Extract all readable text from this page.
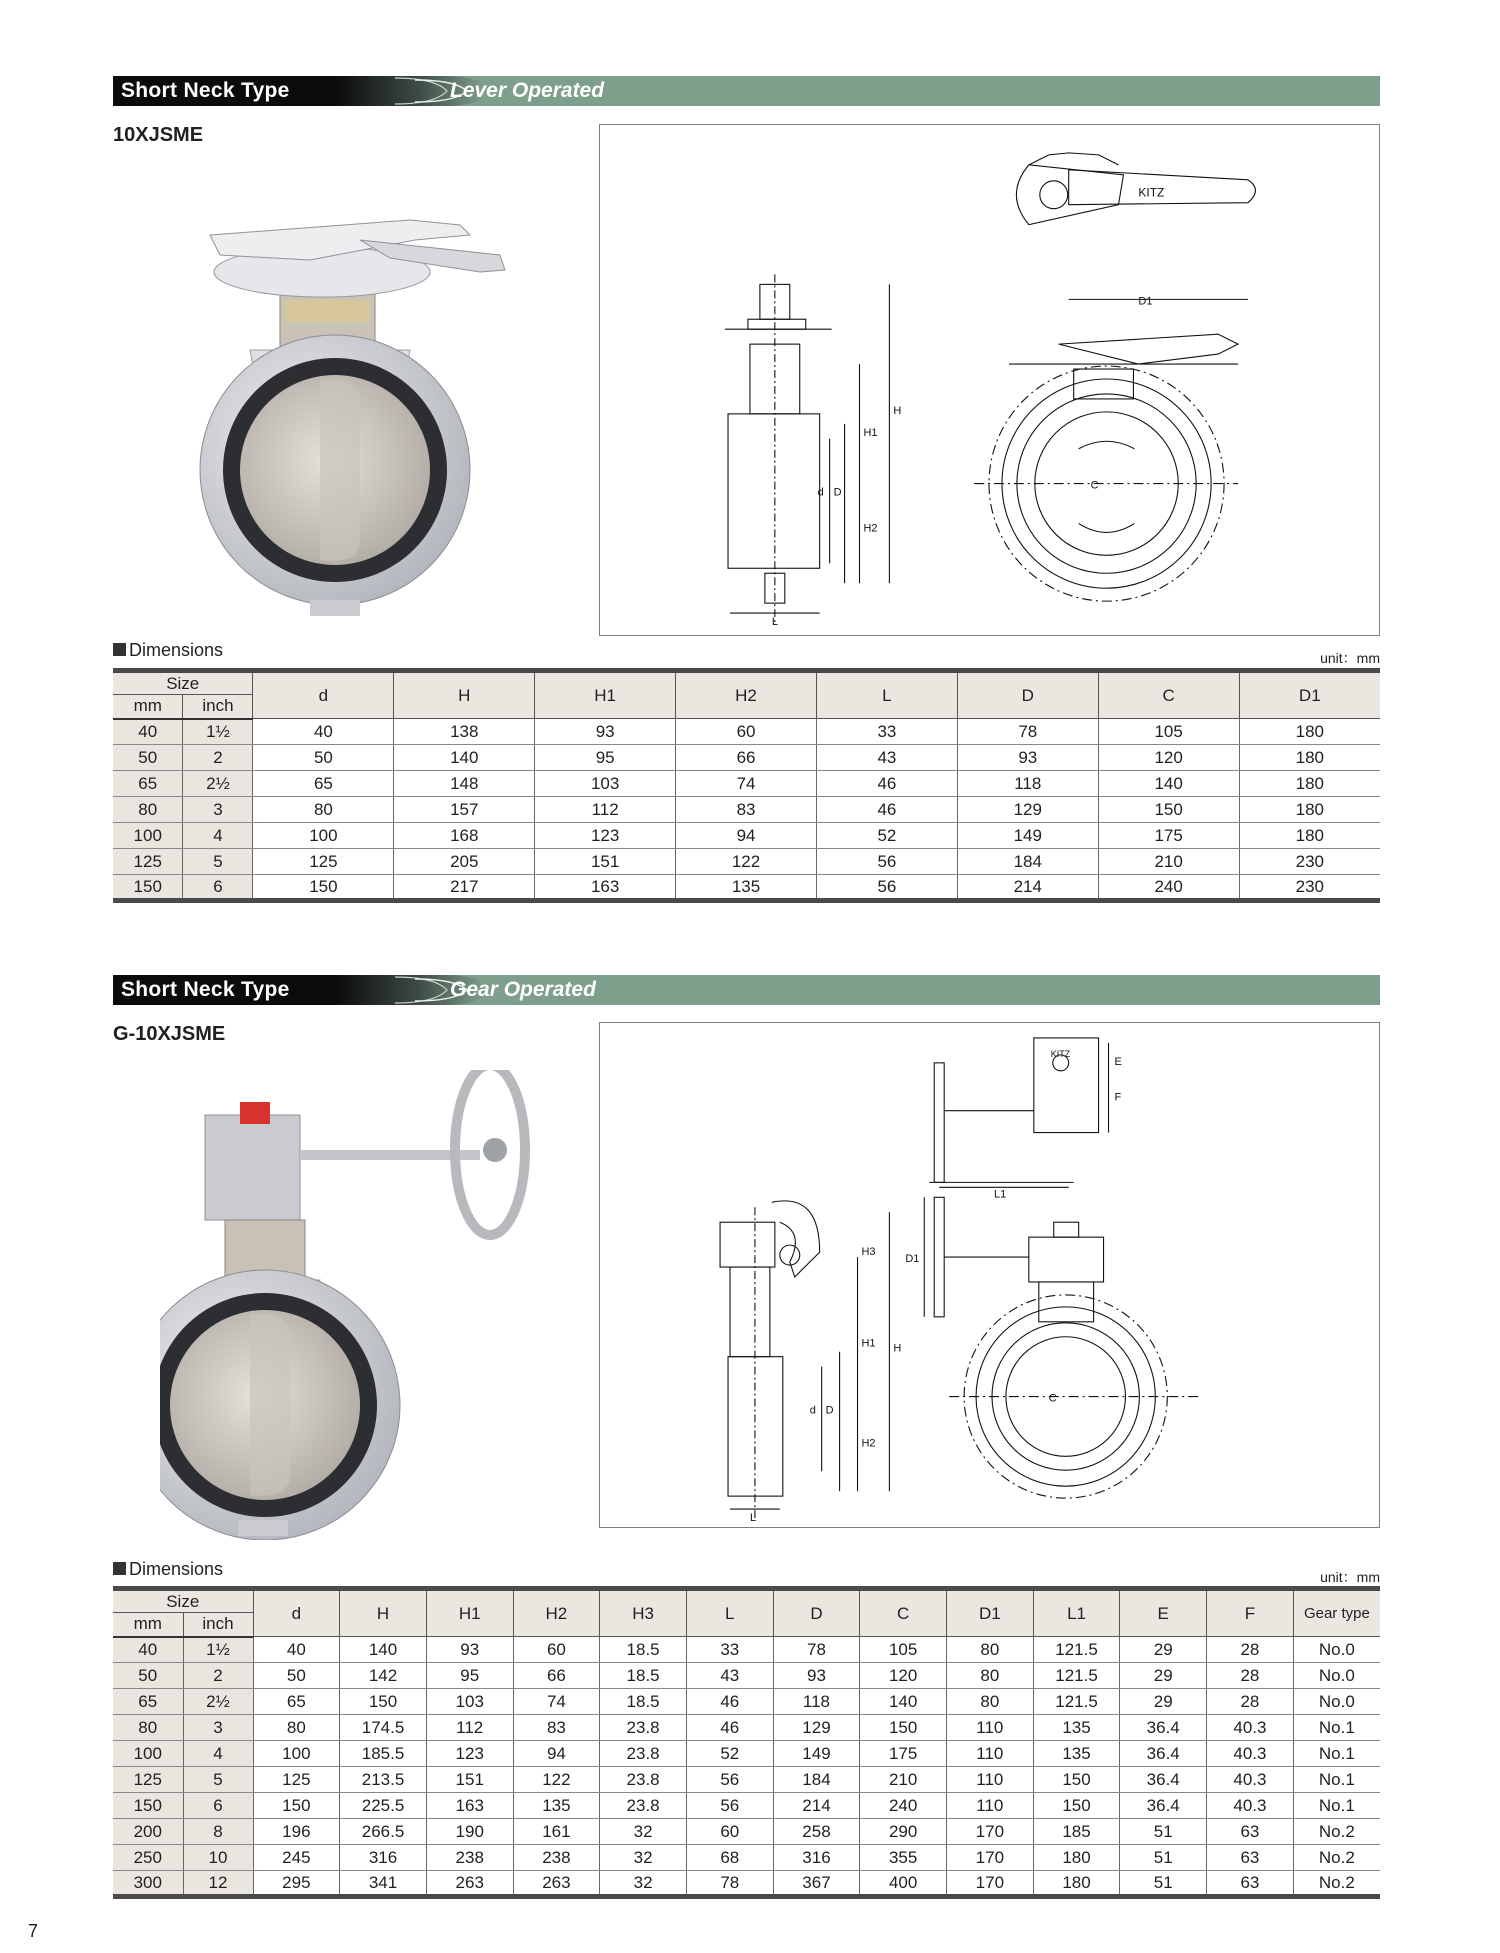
Short Neck Type	Lever Operated
10XJSME
H
H1
H2
d D
L
C
D1
KITZ
Dimensions	unit：mm
Size		d	H	H1	H2	L	D	C	D1
mm	inch								
40	1½	40	138	93	60	33	78	105	180
50	2	50	140	95	66	43	93	120	180
65	2½	65	148	103	74	46	118	140	180
80	3	80	157	112	83	46	129	150	180
100	4	100	168	123	94	52	149	175	180
125	5	125	205	151	122	56	184	210	230
150	6	150	217	163	135	56	214	240	230
Short Neck Type	Gear Operated
G-10XJSME
H
H3
H1
H2
d D
L
L1
C
D1
E
F
KITZ
Dimensions	unit：mm
Size		d	H	H1	H2	H3	L	D	C	D1	L1	E	F	Gear type
mm	inch													
40	1½	40	140	93	60	18.5	33	78	105	80	121.5	29	28	No.0
50	2	50	142	95	66	18.5	43	93	120	80	121.5	29	28	No.0
65	2½	65	150	103	74	18.5	46	118	140	80	121.5	29	28	No.0
80	3	80	174.5	112	83	23.8	46	129	150	110	135	36.4	40.3	No.1
100	4	100	185.5	123	94	23.8	52	149	175	110	135	36.4	40.3	No.1
125	5	125	213.5	151	122	23.8	56	184	210	110	150	36.4	40.3	No.1
150	6	150	225.5	163	135	23.8	56	214	240	110	150	36.4	40.3	No.1
200	8	196	266.5	190	161	32	60	258	290	170	185	51	63	No.2
250	10	245	316	238	238	32	68	316	355	170	180	51	63	No.2
300	12	295	341	263	263	32	78	367	400	170	180	51	63	No.2
7
